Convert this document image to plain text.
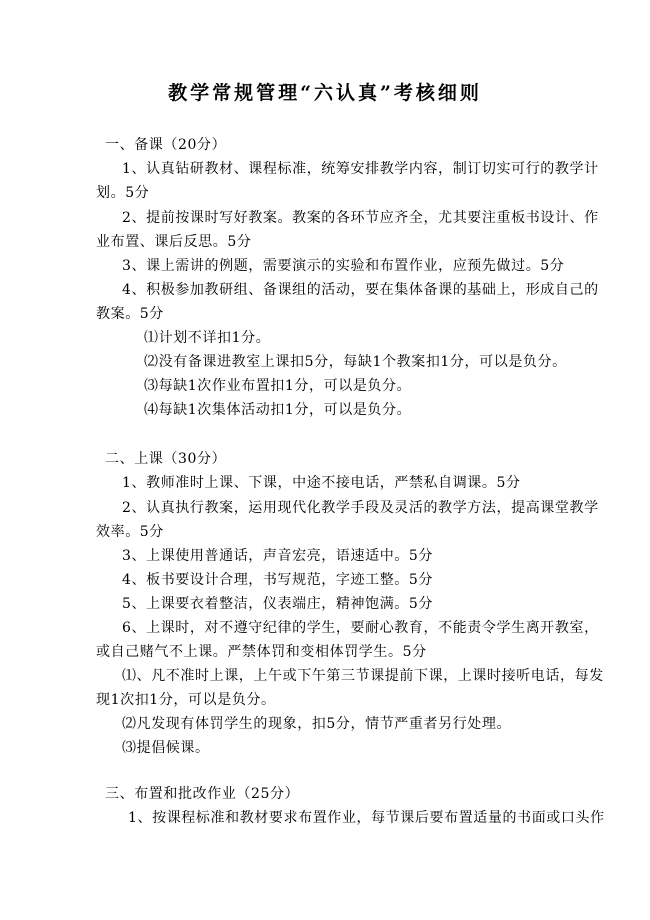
教学常规管理“六认真”考核细则
一、备课（20分）
1、认真钻研教材、课程标准，统筹安排教学内容，制订切实可行的教学计
划。5分
2、提前按课时写好教案。教案的各环节应齐全，尤其要注重板书设计、作
业布置、课后反思。5分
3、课上需讲的例题，需要演示的实验和布置作业，应预先做过。5分
4、积极参加教研组、备课组的活动，要在集体备课的基础上，形成自己的
教案。5分
⑴计划不详扣1分。
⑵没有备课进教室上课扣5分，每缺1个教案扣1分，可以是负分。
⑶每缺1次作业布置扣1分，可以是负分。
⑷每缺1次集体活动扣1分，可以是负分。
二、上课（30分）
1、教师准时上课、下课，中途不接电话，严禁私自调课。5分
2、认真执行教案，运用现代化教学手段及灵活的教学方法，提高课堂教学
效率。5分
3、上课使用普通话，声音宏亮，语速适中。5分
4、板书要设计合理，书写规范，字迹工整。5分
5、上课要衣着整洁，仪表端庄，精神饱满。5分
6、上课时，对不遵守纪律的学生，要耐心教育，不能责令学生离开教室，
或自己赌气不上课。严禁体罚和变相体罚学生。5分
⑴、凡不准时上课，上午或下午第三节课提前下课，上课时接听电话，每发
现1次扣1分，可以是负分。
⑵凡发现有体罚学生的现象，扣5分，情节严重者另行处理。
⑶提倡候课。
三、布置和批改作业（25分）
1、按课程标准和教材要求布置作业，每节课后要布置适量的书面或口头作
